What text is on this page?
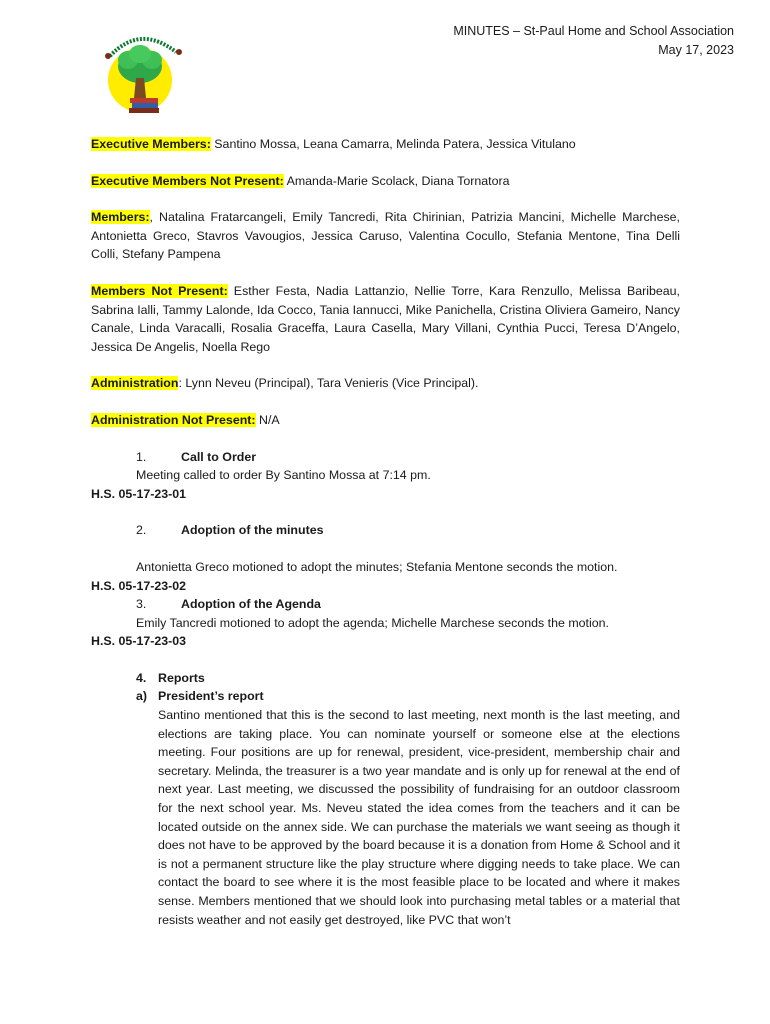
MINUTES – St-Paul Home and School Association
May 17, 2023

Executive Members: Santino Mossa, Leana Camarra, Melinda Patera, Jessica Vitulano

Executive Members Not Present: Amanda-Marie Scolack, Diana Tornatora

Members:, Natalina Fratarcangeli, Emily Tancredi, Rita Chirinian, Patrizia Mancini, Michelle Marchese, Antonietta Greco, Stavros Vavougios, Jessica Caruso, Valentina Cocullo, Stefania Mentone, Tina Delli Colli, Stefany Pampena

Members Not Present: Esther Festa, Nadia Lattanzio, Nellie Torre, Kara Renzullo, Melissa Baribeau, Sabrina Ialli, Tammy Lalonde, Ida Cocco, Tania Iannucci, Mike Panichella, Cristina Oliviera Gameiro, Nancy Canale, Linda Varacalli, Rosalia Graceffa, Laura Casella, Mary Villani, Cynthia Pucci, Teresa D’Angelo, Jessica De Angelis, Noella Rego

Administration: Lynn Neveu (Principal), Tara Venieris (Vice Principal).

Administration Not Present: N/A

1.	Call to Order
Meeting called to order By Santino Mossa at 7:14 pm.
H.S. 05-17-23-01
2.	Adoption of the minutes
Antonietta Greco motioned to adopt the minutes; Stefania Mentone seconds the motion.
H.S. 05-17-23-02
3.	Adoption of the Agenda
Emily Tancredi motioned to adopt the agenda; Michelle Marchese seconds the motion.
H.S. 05-17-23-03
4. Reports
a) President’s report
Santino mentioned that this is the second to last meeting, next month is the last meeting, and elections are taking place. You can nominate yourself or someone else at the elections meeting. Four positions are up for renewal, president, vice-president, membership chair and secretary. Melinda, the treasurer is a two year mandate and is only up for renewal at the end of next year. Last meeting, we discussed the possibility of fundraising for an outdoor classroom for the next school year. Ms. Neveu stated the idea comes from the teachers and it can be located outside on the annex side. We can purchase the materials we want seeing as though it does not have to be approved by the board because it is a donation from Home & School and it is not a permanent structure like the play structure where digging needs to take place. We can contact the board to see where it is the most feasible place to be located and where it makes sense. Members mentioned that we should look into purchasing metal tables or a material that resists weather and not easily get destroyed, like PVC that won’t
